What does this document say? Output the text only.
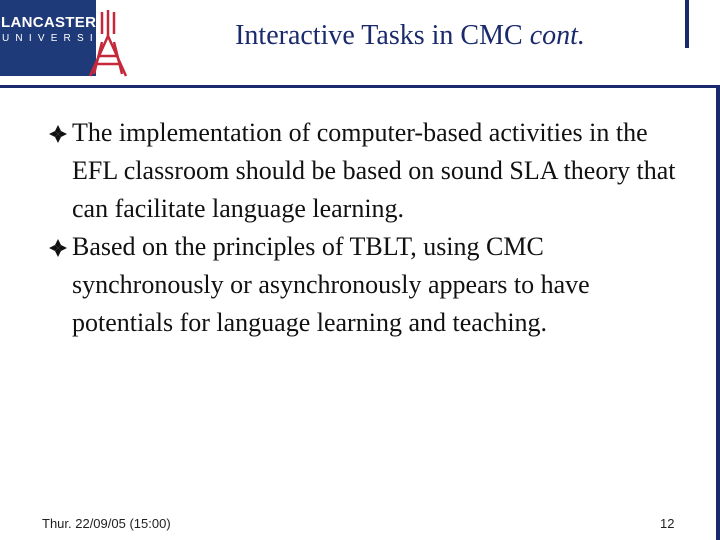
LANCASTER
UNIVERSITY	Interactive Tasks in CMC cont.

The implementation of computer-based activities in the EFL classroom should be based on sound SLA theory that can facilitate language learning.

Based on the principles of TBLT, using CMC synchronously or asynchronously appears to have potentials for language learning and teaching.

Thur. 22/09/05 (15:00)	12
